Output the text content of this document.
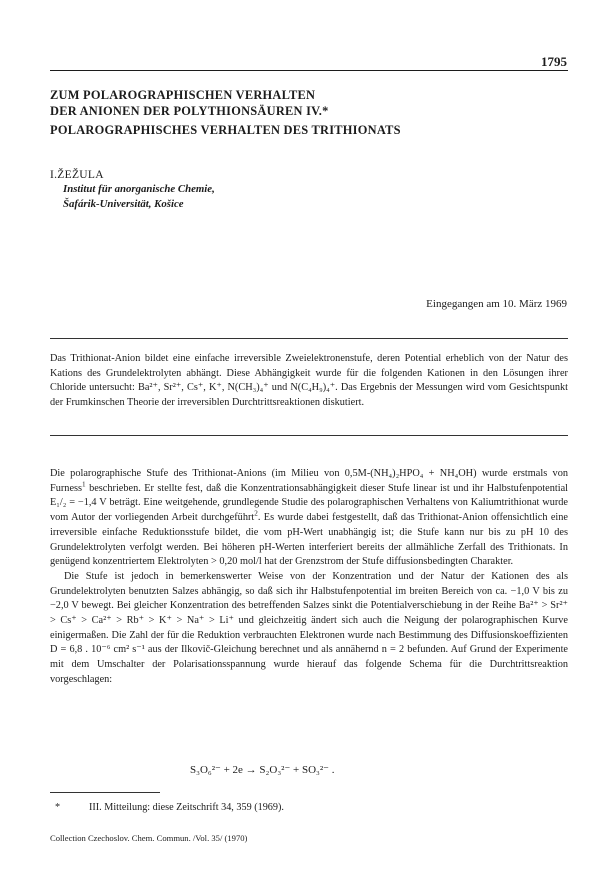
1795
ZUM POLAROGRAPHISCHEN VERHALTEN
DER ANIONEN DER POLYTHIONSÄUREN IV.*
POLAROGRAPHISCHES VERHALTEN DES TRITHIONATS
I.ŽEŽULA
Institut für anorganische Chemie,
Šafárik-Universität, Košice
Eingegangen am 10. März 1969
Das Trithionat-Anion bildet eine einfache irreversible Zweielektronenstufe, deren Potential erheblich von der Natur des Kations des Grundelektrolyten abhängt. Diese Abhängigkeit wurde für die folgenden Kationen in den Lösungen ihrer Chloride untersucht: Ba²⁺, Sr²⁺, Cs⁺, K⁺, N(CH₃)₄⁺ und N(C₄H₉)₄⁺. Das Ergebnis der Messungen wird vom Gesichtspunkt der Frumkinschen Theorie der irreversiblen Durchtrittsreaktionen diskutiert.

Die polarographische Stufe des Trithionat-Anions (im Milieu von 0,5M-(NH₄)₂HPO₄ + NH₄OH) wurde erstmals von Furness$^1$ beschrieben. Er stellte fest, daß die Konzentrationsabhängigkeit dieser Stufe linear ist und ihr Halbstufenpotential E₁/₂ = −1,4 V beträgt. Eine weitgehende, grundlegende Studie des polarographischen Verhaltens von Kaliumtrithionat wurde vom Autor der vorliegenden Arbeit durchgeführt$^2$. Es wurde dabei festgestellt, daß das Trithionat-Anion offensichtlich eine irreversible einfache Reduktionsstufe bildet, die vom pH-Wert unabhängig ist; die Stufe kann nur bis zu pH 10 des Grundelektrolyten verfolgt werden. Bei höheren pH-Werten interferiert bereits der allmähliche Zerfall des Trithionats. In genügend konzentriertem Elektrolyten > 0,20 mol/l hat der Grenzstrom der Stufe diffusionsbedingten Charakter.

Die Stufe ist jedoch in bemerkenswerter Weise von der Konzentration und der Natur der Kationen des als Grundelektrolyten benutzten Salzes abhängig, so daß sich ihr Halbstufenpotential im breiten Bereich von ca. −1,0 V bis zu −2,0 V bewegt. Bei gleicher Konzentration des betreffenden Salzes sinkt die Potentialverschiebung in der Reihe Ba²⁺ > Sr²⁺ > Cs⁺ > Ca²⁺ > Rb⁺ > K⁺ > Na⁺ > Li⁺ und gleichzeitig ändert sich auch die Neigung der polarographischen Kurve einigermaßen. Die Zahl der für die Reduktion verbrauchten Elektronen wurde nach Bestimmung des Diffusionskoeffizienten D = 6,8 . 10⁻⁶ cm² s⁻¹ aus der Ilkovič-Gleichung berechnet und als annähernd n = 2 befunden. Auf Grund der Experimente mit dem Umschalter der Polarisationsspannung wurde hierauf das folgende Schema für die Durchtrittsreaktion vorgeschlagen:

S₃O₆²⁻ + 2e → S₂O₃²⁻ + SO₃²⁻ .
*	III. Mitteilung: diese Zeitschrift 34, 359 (1969).
Collection Czechoslov. Chem. Commun. /Vol. 35/ (1970)
